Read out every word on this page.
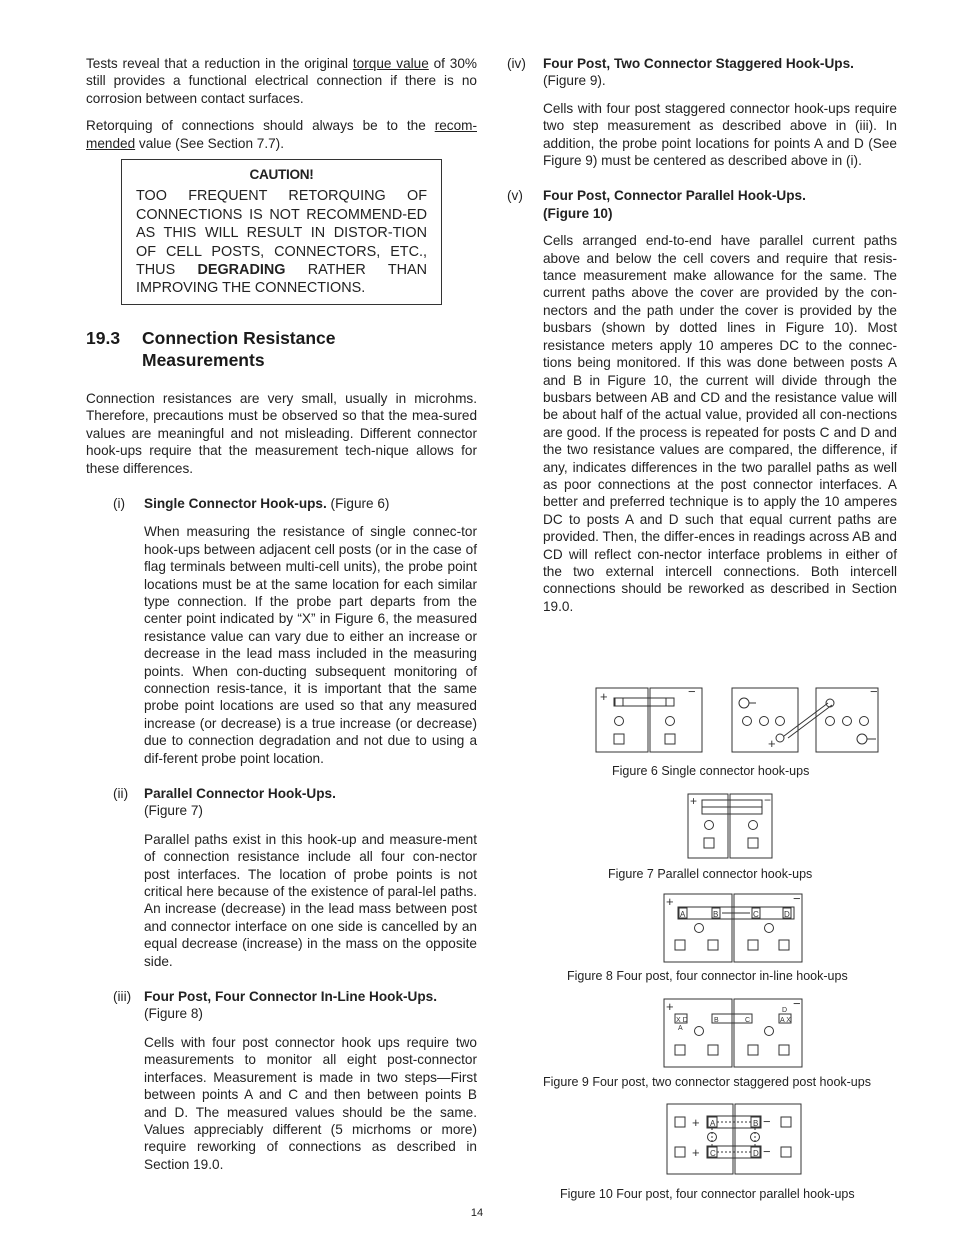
Tests reveal that a reduction in the original torque value of 30% still provides a functional electrical connection if there is no corrosion between contact surfaces.

Retorquing of connections should always be to the recom-mended value (See Section 7.7).

CAUTION!

TOO FREQUENT RETORQUING OF CONNECTIONS IS NOT RECOMMEND-ED AS THIS WILL RESULT IN DISTOR-TION OF CELL POSTS, CONNECTORS, ETC., THUS DEGRADING RATHER THAN IMPROVING THE CONNECTIONS.

19.3 Connection Resistance
Measurements

Connection resistances are very small, usually in microhms. Therefore, precautions must be observed so that the mea-sured values are meaningful and not misleading. Different connector hook-ups require that the measurement tech-nique allows for these differences.

(i)	Single Connector Hook-ups. (Figure 6)

When measuring the resistance of single connec-tor hook-ups between adjacent cell posts (or in the case of flag terminals between multi-cell units), the probe point locations must be at the same location for each similar type connection. If the probe part departs from the center point indicated by “X” in Figure 6, the measured resistance value can vary due to either an increase or decrease in the lead mass included in the measuring points. When con-ducting subsequent monitoring of connection resis-tance, it is important that the same probe point locations are used so that any measured increase (or decrease) is a true increase (or decrease) due to connection degradation and not due to using a dif-ferent probe point location.

(ii)	Parallel Connector Hook-Ups.
(Figure 7)

Parallel paths exist in this hook-up and measure-ment of connection resistance include all four con-nector post interfaces. The location of probe points is not critical here because of the existence of paral-lel paths. An increase (decrease) in the lead mass between post and connector interface on one side is cancelled by an equal decrease (increase) in the mass on the opposite side.

(iii) Four Post, Four Connector In-Line Hook-Ups.
(Figure 8)

Cells with four post connector hook ups require two measurements to monitor all eight post-connector interfaces. Measurement is made in two steps—First between points A and C and then between points B and D. The measured values should be the same. Values appreciably different (5 micrhoms or more) require reworking of connections as described in Section 19.0.

(iv)	Four Post, Two Connector Staggered Hook-Ups.
(Figure 9).

Cells with four post staggered connector hook-ups require two step measurement as described above in (iii). In addition, the probe point locations for points A and D (See Figure 9) must be centered as described above in (i).

(v)	Four Post, Connector Parallel Hook-Ups.
(Figure 10)

Cells arranged end-to-end have parallel current paths above and below the cell covers and require that resis-tance measurement make allowance for the same. The current paths above the cover are provided by the con-nectors and the path under the cover is provided by the busbars (shown by dotted lines in Figure 10). Most resistance meters apply 10 amperes DC to the connec-tions being monitored. If this was done between posts A and B in Figure 10, the current will divide through the busbars between AB and CD and the resistance value will be about half of the actual value, provided all con-nections are good. If the process is repeated for posts C and D and the two resistance values are compared, the difference, if any, indicates differences in the two parallel paths as well as poor connections at the post connector interfaces. A better and preferred technique is to apply the 10 amperes DC to posts A and D such that equal current paths are provided. Then, the differ-ences in readings across AB and CD will reflect con-nector interface problems in either of the two external intercell connections. Both intercell connections should be reworked as described in Section 19.0.

+	−
+
−
Figure 6 Single connector hook-ups
+	−
Figure 7 Parallel connector hook-ups
+	−
A	B	C	D
Figure 8 Four post, four connector in-line hook-ups
+	−
X D
A
B	C	A X
D
Figure 9 Four post, two connector staggered post hook-ups
+
+
−
−
A	B
C	D
Figure 10 Four post, four connector parallel hook-ups
14
